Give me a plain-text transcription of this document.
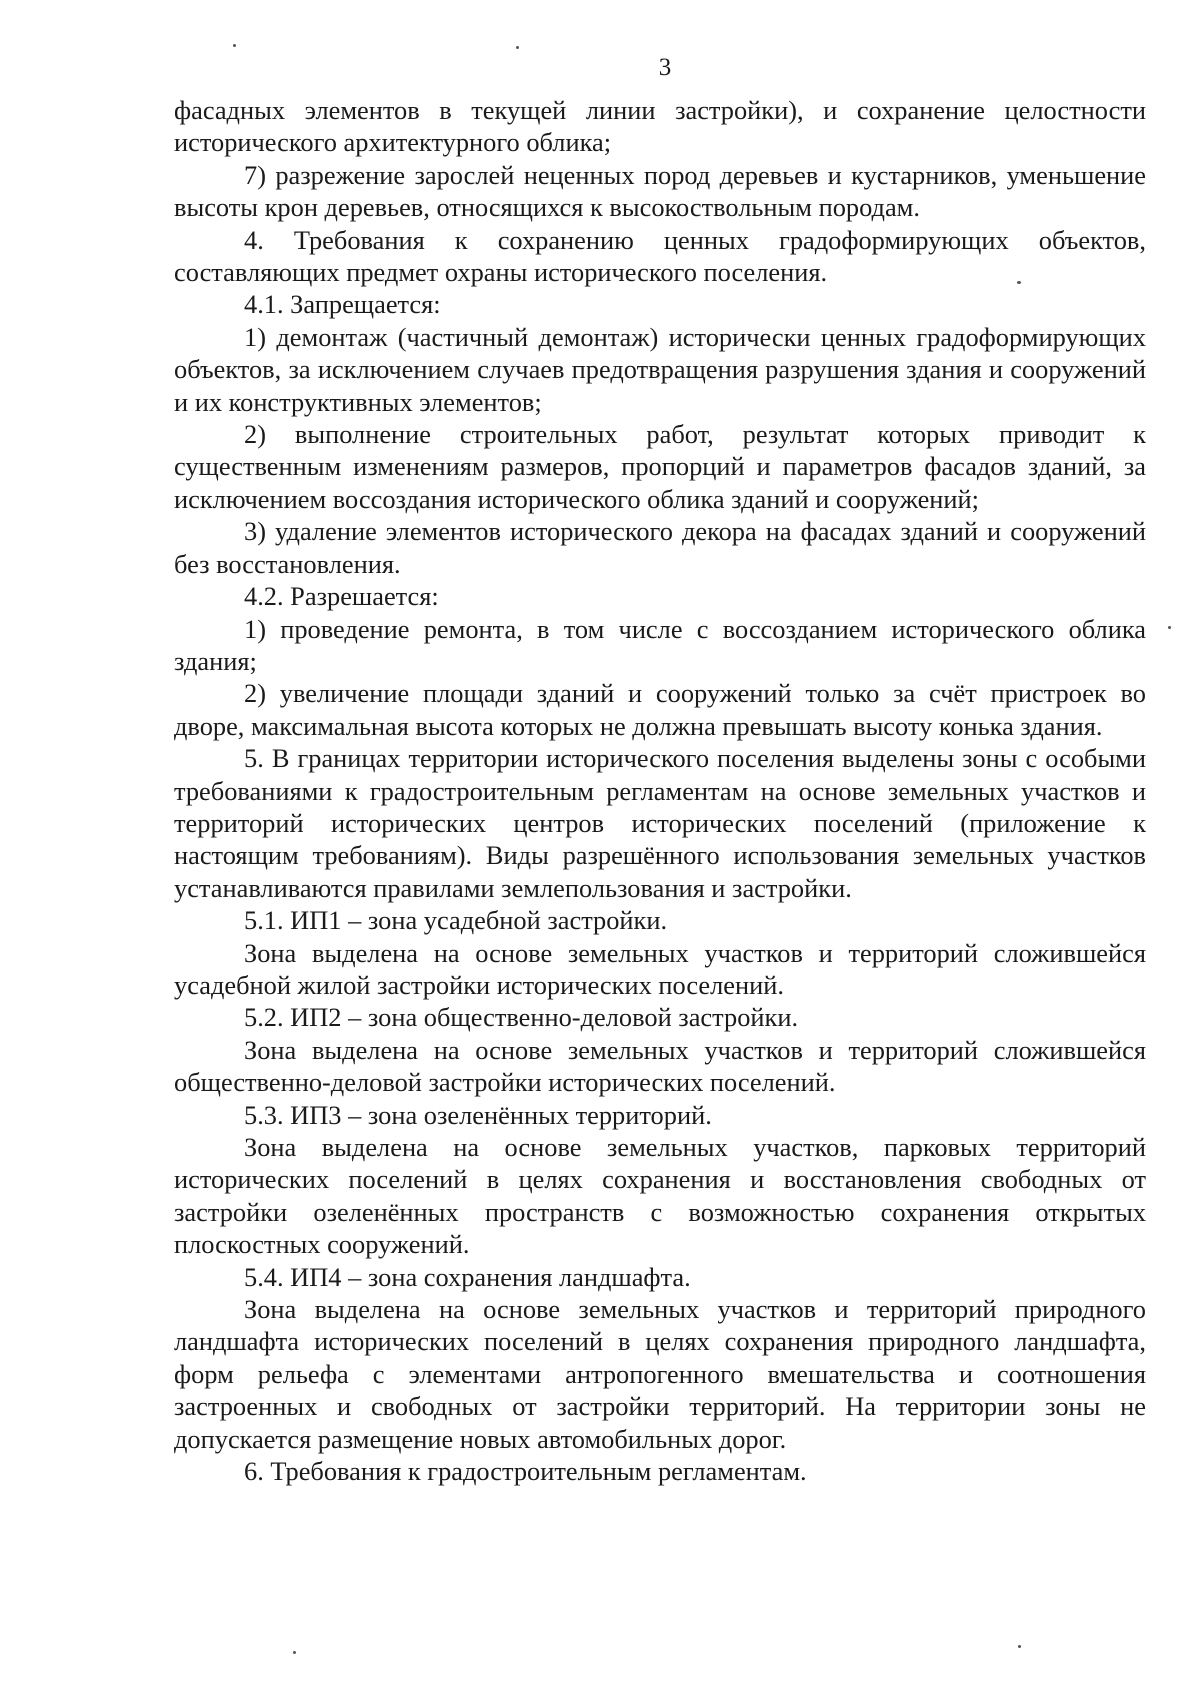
3

фасадных элементов в текущей линии застройки), и сохранение целостности исторического архитектурного облика;

7) разрежение зарослей неценных пород деревьев и кустарников, уменьшение высоты крон деревьев, относящихся к высокоствольным породам.

4. Требования к сохранению ценных градоформирующих объектов, составляющих предмет охраны исторического поселения.

4.1. Запрещается:

1) демонтаж (частичный демонтаж) исторически ценных градоформирующих объектов, за исключением случаев предотвращения разрушения здания и сооружений и их конструктивных элементов;

2) выполнение строительных работ, результат которых приводит к существенным изменениям размеров, пропорций и параметров фасадов зданий, за исключением воссоздания исторического облика зданий и сооружений;

3) удаление элементов исторического декора на фасадах зданий и сооружений без восстановления.

4.2. Разрешается:

1) проведение ремонта, в том числе с воссозданием исторического облика здания;

2) увеличение площади зданий и сооружений только за счёт пристроек во дворе, максимальная высота которых не должна превышать высоту конька здания.

5. В границах территории исторического поселения выделены зоны с особыми требованиями к градостроительным регламентам на основе земельных участков и территорий исторических центров исторических поселений (приложение к настоящим требованиям). Виды разрешённого использования земельных участков устанавливаются правилами землепользования и застройки.

5.1. ИП1 – зона усадебной застройки.

Зона выделена на основе земельных участков и территорий сложившейся усадебной жилой застройки исторических поселений.

5.2. ИП2 – зона общественно-деловой застройки.

Зона выделена на основе земельных участков и территорий сложившейся общественно-деловой застройки исторических поселений.

5.3. ИП3 – зона озеленённых территорий.

Зона выделена на основе земельных участков, парковых территорий исторических поселений в целях сохранения и восстановления свободных от застройки озеленённых пространств с возможностью сохранения открытых плоскостных сооружений.

5.4. ИП4 – зона сохранения ландшафта.

Зона выделена на основе земельных участков и территорий природного ландшафта исторических поселений в целях сохранения природного ландшафта, форм рельефа с элементами антропогенного вмешательства и соотношения застроенных и свободных от застройки территорий. На территории зоны не допускается размещение новых автомобильных дорог.

6. Требования к градостроительным регламентам.
